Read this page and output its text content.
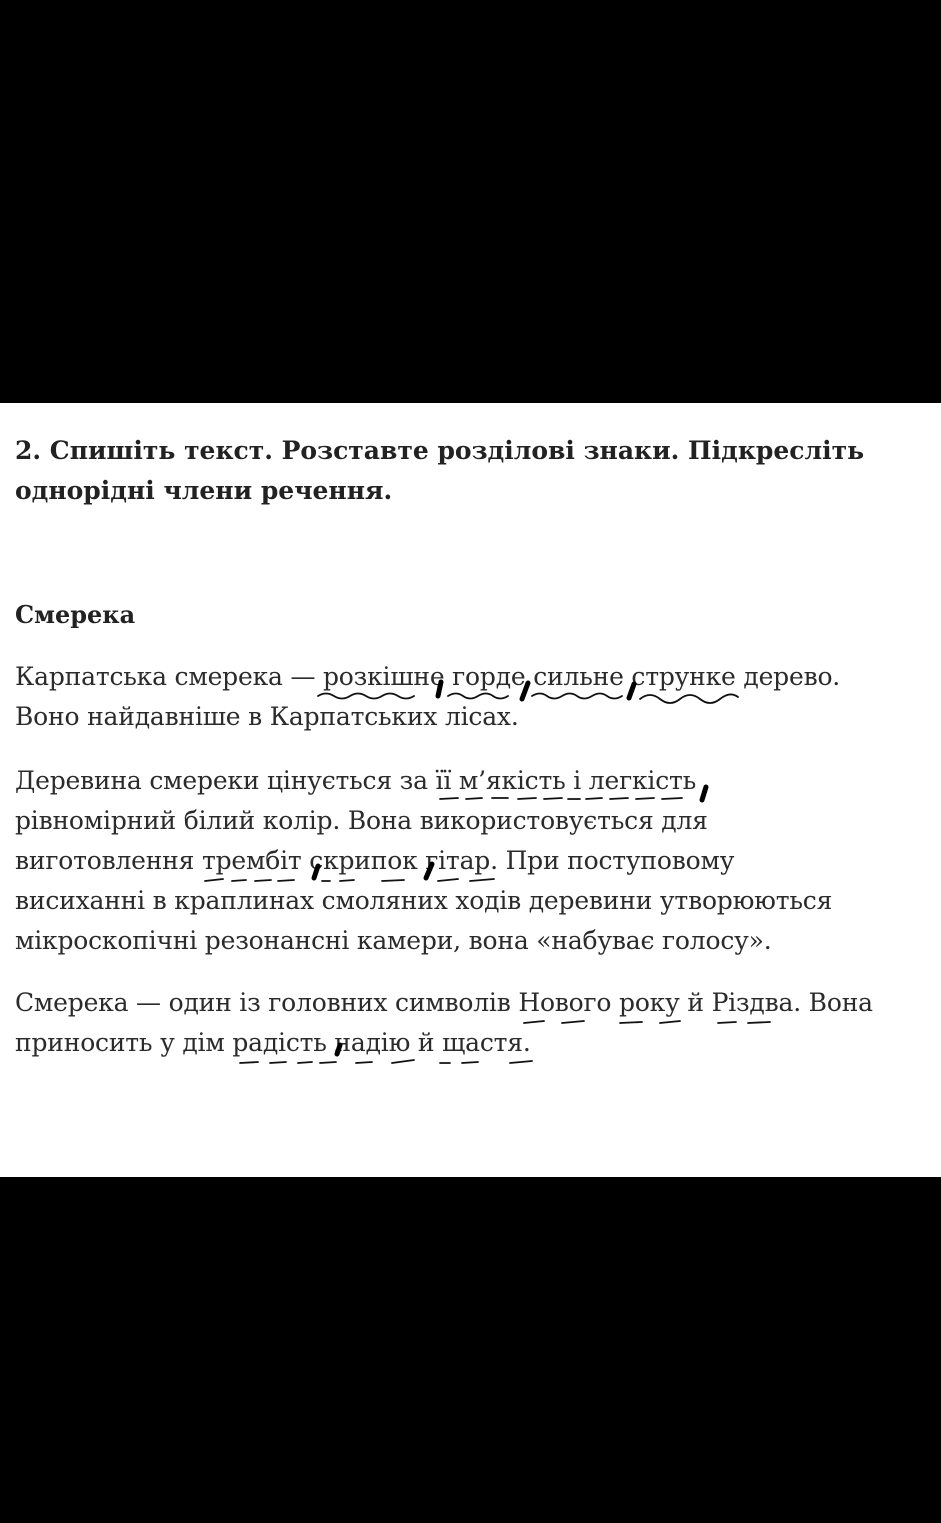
2. Спишіть текст. Розставте розділові знаки. Підкресліть
однорідні члени речення.
Смерека
Карпатська смерека — розкішне горде сильне струнке дерево.
Воно найдавніше в Карпатських лісах.
Деревина смереки цінується за її м’якість і легкість
рівномірний білий колір. Вона використовується для
виготовлення трембіт скрипок гітар. При поступовому
висиханні в краплинах смоляних ходів деревини утворюються
мікроскопічні резонансні камери, вона «набуває голосу».
Смерека — один із головних символів Нового року й Різдва. Вона
приносить у дім радість надію й щастя.
